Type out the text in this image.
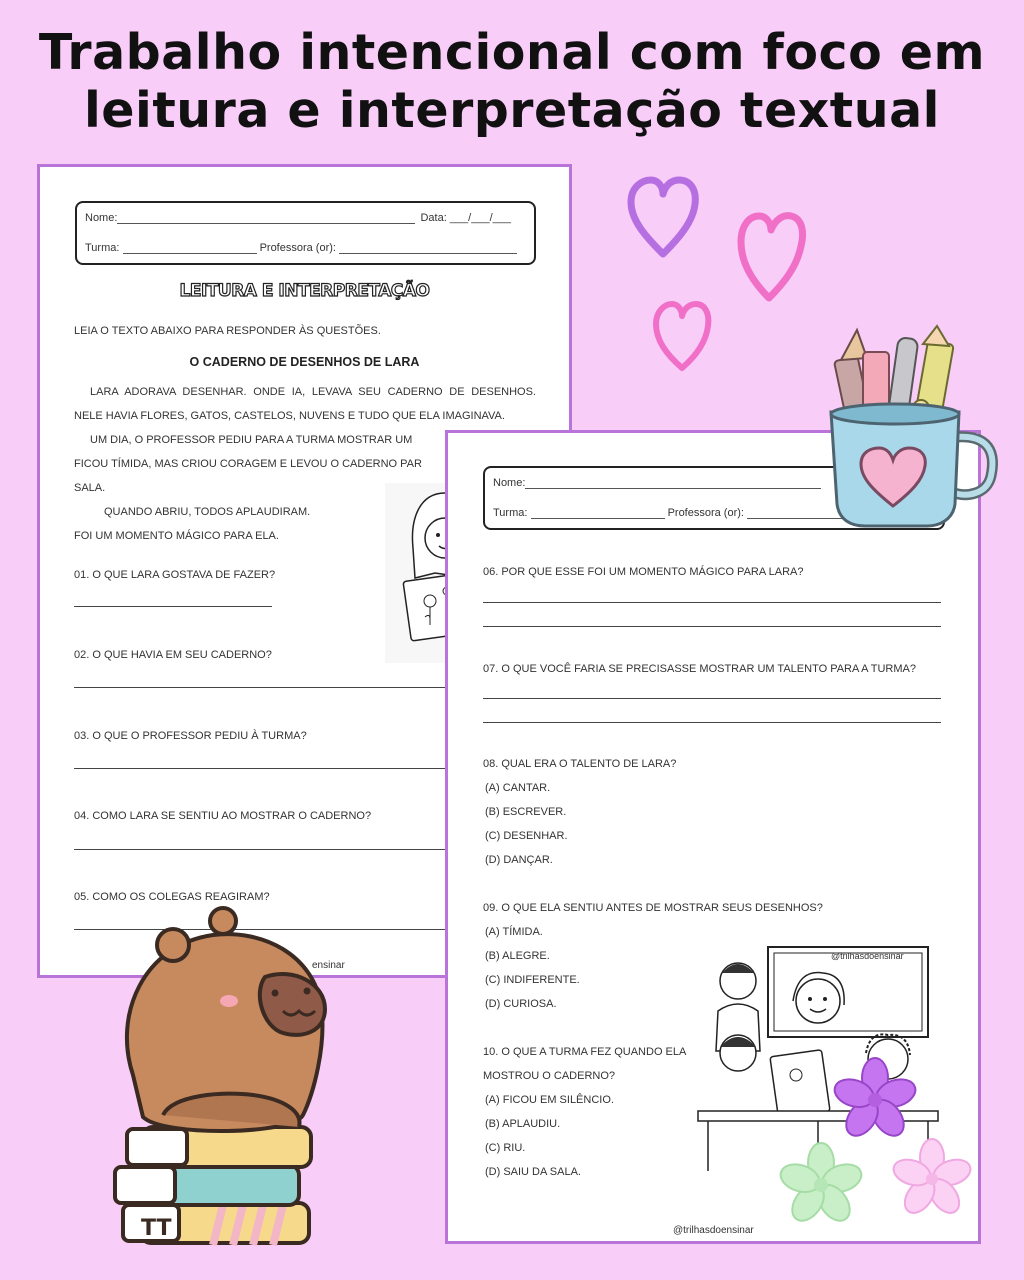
Trabalho intencional com foco em
leitura e interpretação textual
Nome:	Data: ___/___/___
Turma:	Professora (or):
LEITURA E INTERPRETAÇÃO
LEIA O TEXTO ABAIXO PARA RESPONDER ÀS QUESTÕES.
O CADERNO DE DESENHOS DE LARA
LARA ADORAVA DESENHAR. ONDE IA, LEVAVA SEU CADERNO DE DESENHOS.
NELE HAVIA FLORES, GATOS, CASTELOS, NUVENS E TUDO QUE ELA IMAGINAVA.
UM DIA, O PROFESSOR PEDIU PARA A TURMA MOSTRAR UM
FICOU TÍMIDA, MAS CRIOU CORAGEM E LEVOU O CADERNO PAR
SALA.
QUANDO ABRIU, TODOS APLAUDIRAM.
FOI UM MOMENTO MÁGICO PARA ELA.
01. O QUE LARA GOSTAVA DE FAZER?
02. O QUE HAVIA EM SEU CADERNO?
03. O QUE O PROFESSOR PEDIU À TURMA?
04. COMO LARA SE SENTIU AO MOSTRAR O CADERNO?
05. COMO OS COLEGAS REAGIRAM?
ensinar
Nome:
Turma:	Professora (or):
06. POR QUE ESSE FOI UM MOMENTO MÁGICO PARA LARA?
07. O QUE VOCÊ FARIA SE PRECISASSE MOSTRAR UM TALENTO PARA A TURMA?
08. QUAL ERA O TALENTO DE LARA?
(A) CANTAR.
(B) ESCREVER.
(C) DESENHAR.
(D) DANÇAR.
09. O QUE ELA SENTIU ANTES DE MOSTRAR SEUS DESENHOS?
(A) TÍMIDA.
(B) ALEGRE.
(C) INDIFERENTE.
(D) CURIOSA.
10. O QUE A TURMA FEZ QUANDO ELA
MOSTROU O CADERNO?
(A) FICOU EM SILÊNCIO.
(B) APLAUDIU.
(C) RIU.
(D) SAIU DA SALA.
@trilhasdoensinar
@trilhasdoensinar
TT
